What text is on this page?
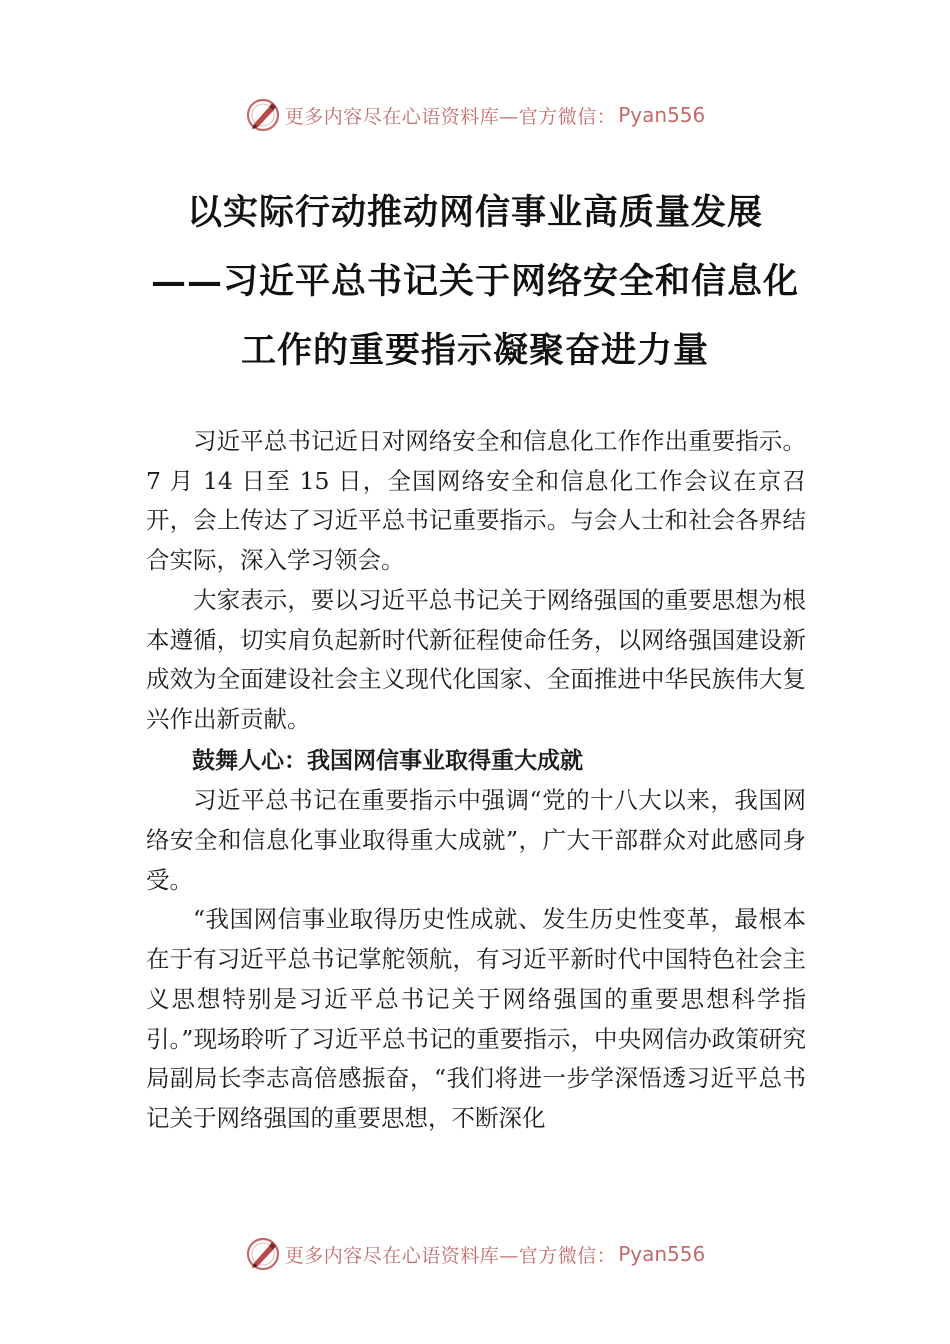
更多内容尽在心语资料库—官方微信： Pyan556
以实际行动推动网信事业高质量发展
——习近平总书记关于网络安全和信息化
工作的重要指示凝聚奋进力量

习近平总书记近日对网络安全和信息化工作作出重要指示。7 月 14 日至 15 日，全国网络安全和信息化工作会议在京召开，会上传达了习近平总书记重要指示。与会人士和社会各界结合实际，深入学习领会。

大家表示，要以习近平总书记关于网络强国的重要思想为根本遵循，切实肩负起新时代新征程使命任务，以网络强国建设新成效为全面建设社会主义现代化国家、全面推进中华民族伟大复兴作出新贡献。

鼓舞人心：我国网信事业取得重大成就

习近平总书记在重要指示中强调“党的十八大以来，我国网络安全和信息化事业取得重大成就”，广大干部群众对此感同身受。

“我国网信事业取得历史性成就、发生历史性变革，最根本在于有习近平总书记掌舵领航，有习近平新时代中国特色社会主义思想特别是习近平总书记关于网络强国的重要思想科学指引。”现场聆听了习近平总书记的重要指示，中央网信办政策研究局副局长李志高倍感振奋，“我们将进一步学深悟透习近平总书记关于网络强国的重要思想，不断深化

更多内容尽在心语资料库—官方微信： Pyan556
